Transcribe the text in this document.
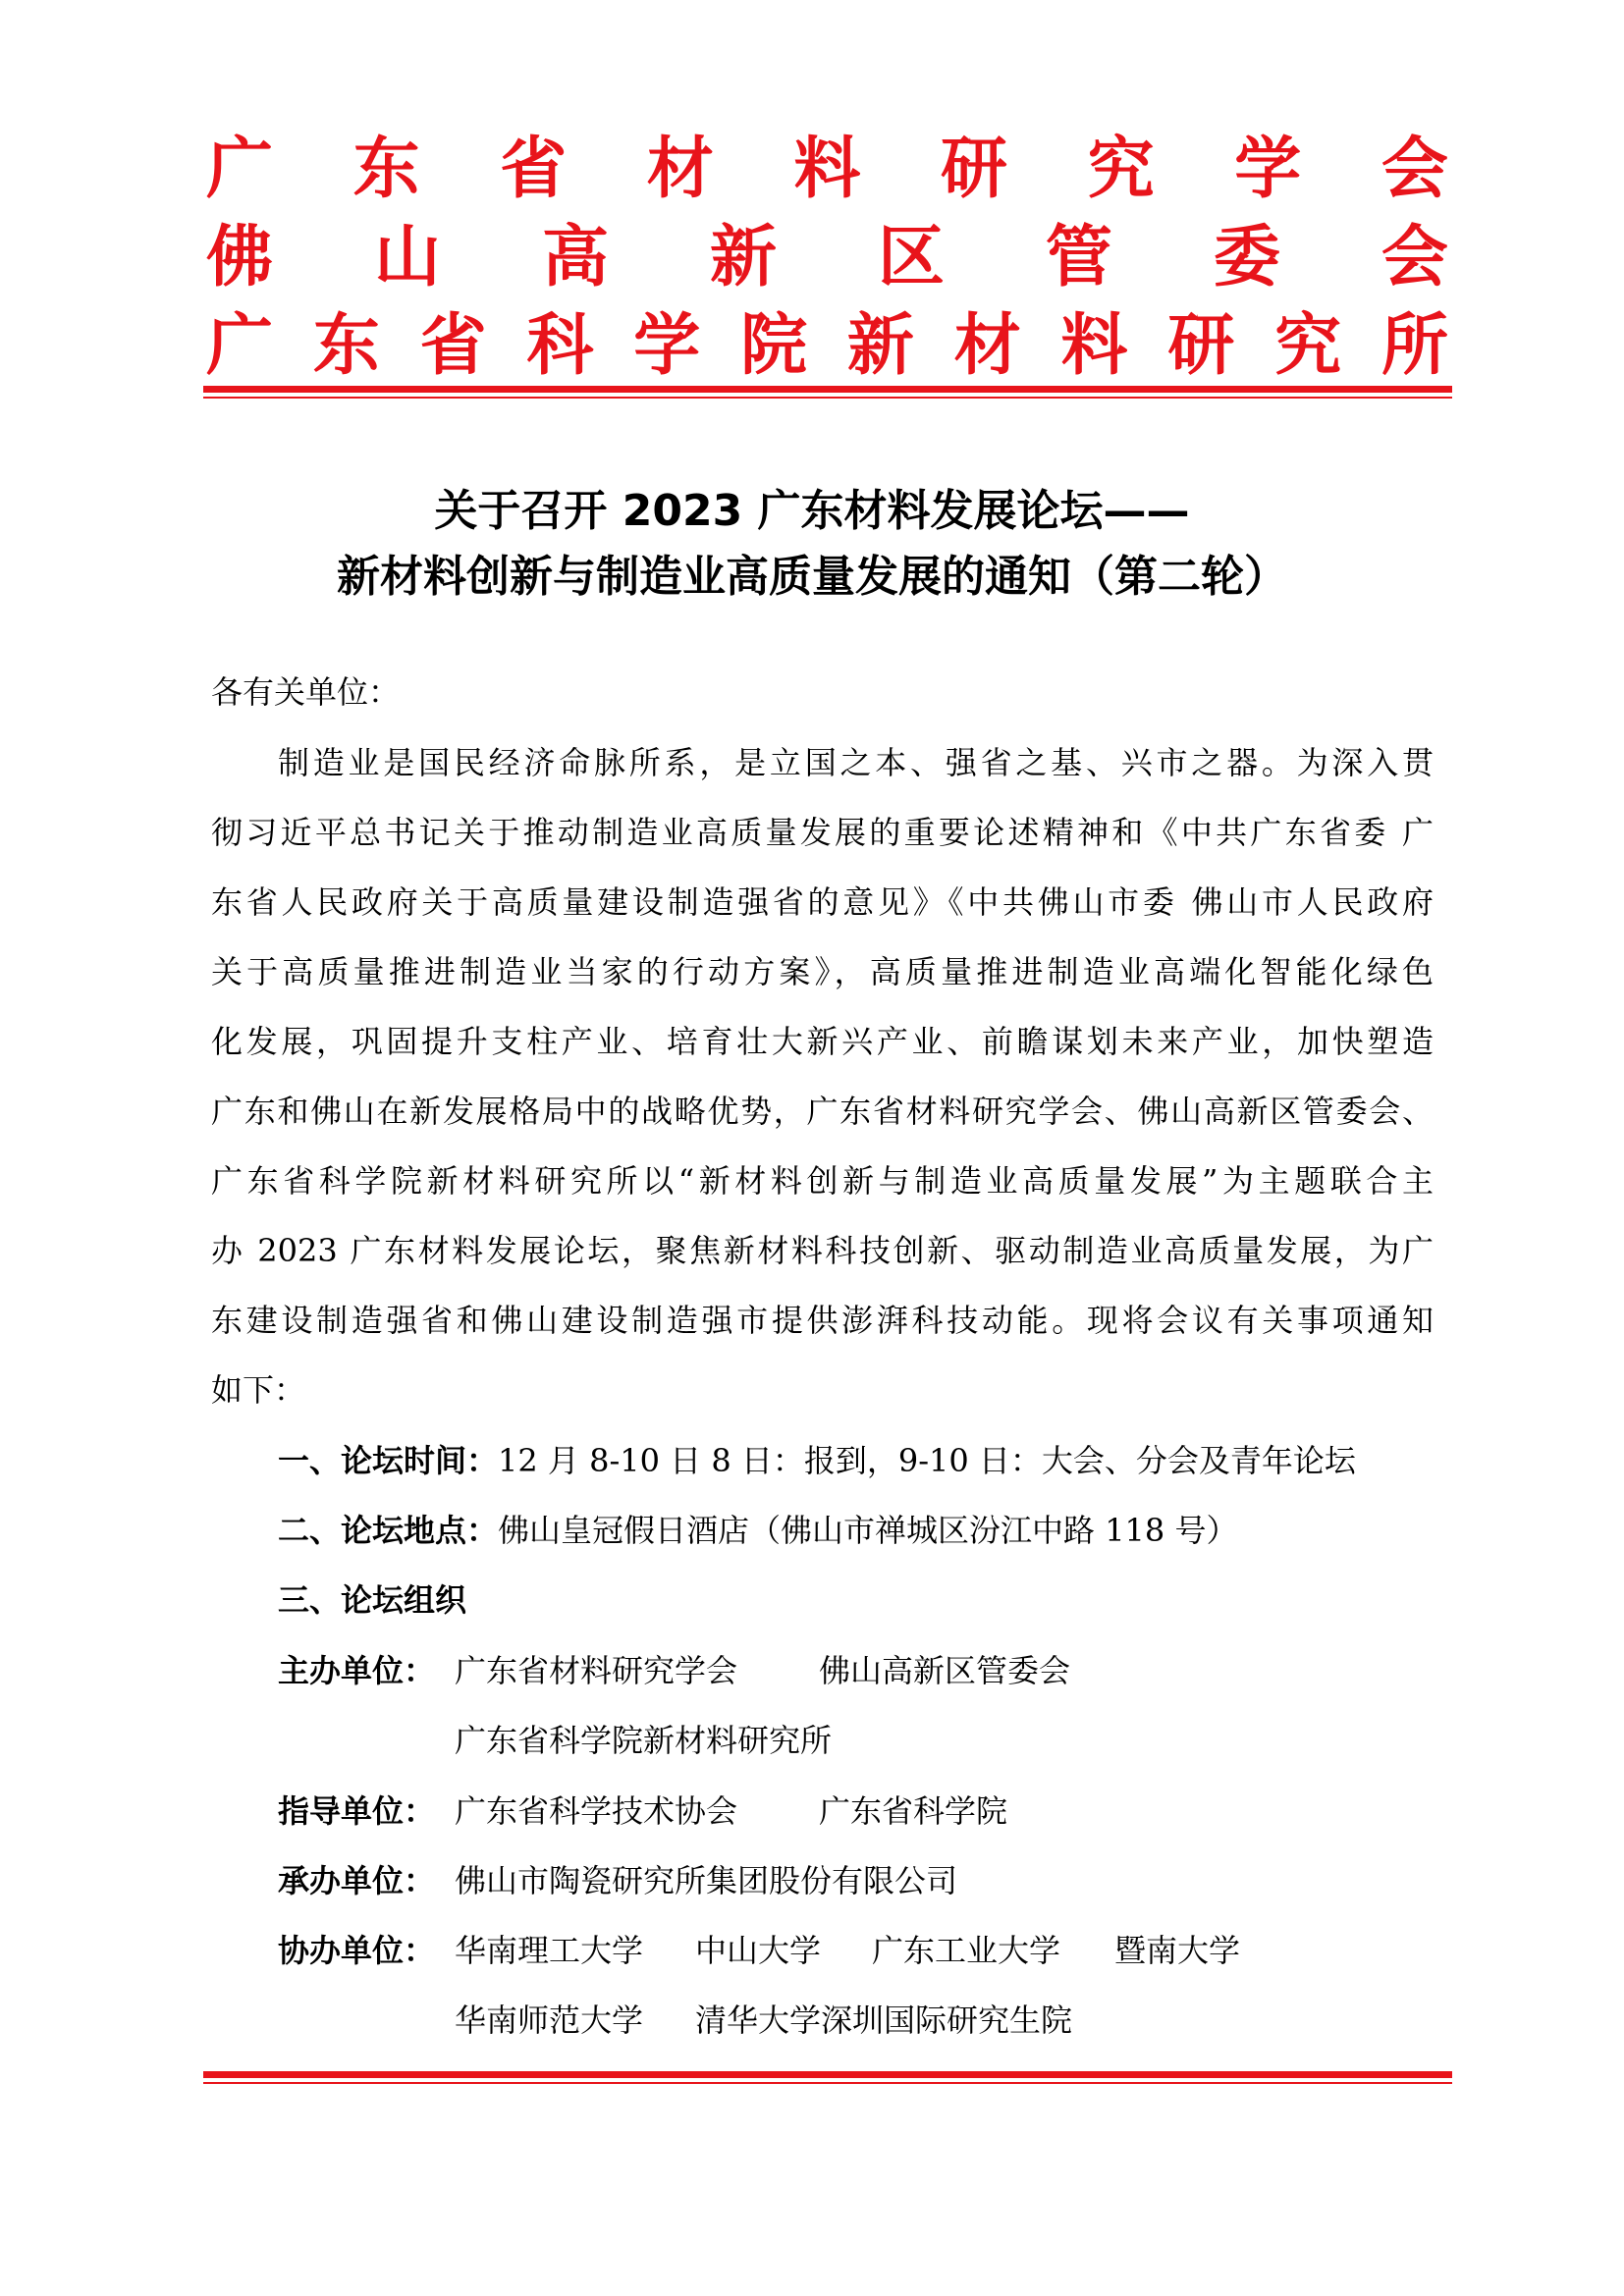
广 东 省 材 料 研 究 学 会
佛 山 高 新 区 管 委 会
广 东 省 科 学 院 新 材 料 研 究 所
关于召开 2023 广东材料发展论坛——
新材料创新与制造业高质量发展的通知（第二轮）
各有关单位：
制造业是国民经济命脉所系，是立国之本、强省之基、兴市之器。为深入贯
彻习近平总书记关于推动制造业高质量发展的重要论述精神和《中共广东省委 广
东省人民政府关于高质量建设制造强省的意见》《中共佛山市委 佛山市人民政府
关于高质量推进制造业当家的行动方案》，高质量推进制造业高端化智能化绿色
化发展，巩固提升支柱产业、培育壮大新兴产业、前瞻谋划未来产业，加快塑造
广东和佛山在新发展格局中的战略优势，广东省材料研究学会、佛山高新区管委会、
广东省科学院新材料研究所以“新材料创新与制造业高质量发展”为主题联合主
办 2023 广东材料发展论坛，聚焦新材料科技创新、驱动制造业高质量发展，为广
东建设制造强省和佛山建设制造强市提供澎湃科技动能。现将会议有关事项通知
如下：
一、论坛时间：12 月 8-10 日 8 日：报到，9-10 日：大会、分会及青年论坛
二、论坛地点：佛山皇冠假日酒店（佛山市禅城区汾江中路 118 号）
三、论坛组织
主办单位： 广东省材料研究学会	佛山高新区管委会
广东省科学院新材料研究所
指导单位： 广东省科学技术协会	广东省科学院
承办单位： 佛山市陶瓷研究所集团股份有限公司
协办单位： 华南理工大学 中山大学 广东工业大学 暨南大学
华南师范大学 清华大学深圳国际研究生院
